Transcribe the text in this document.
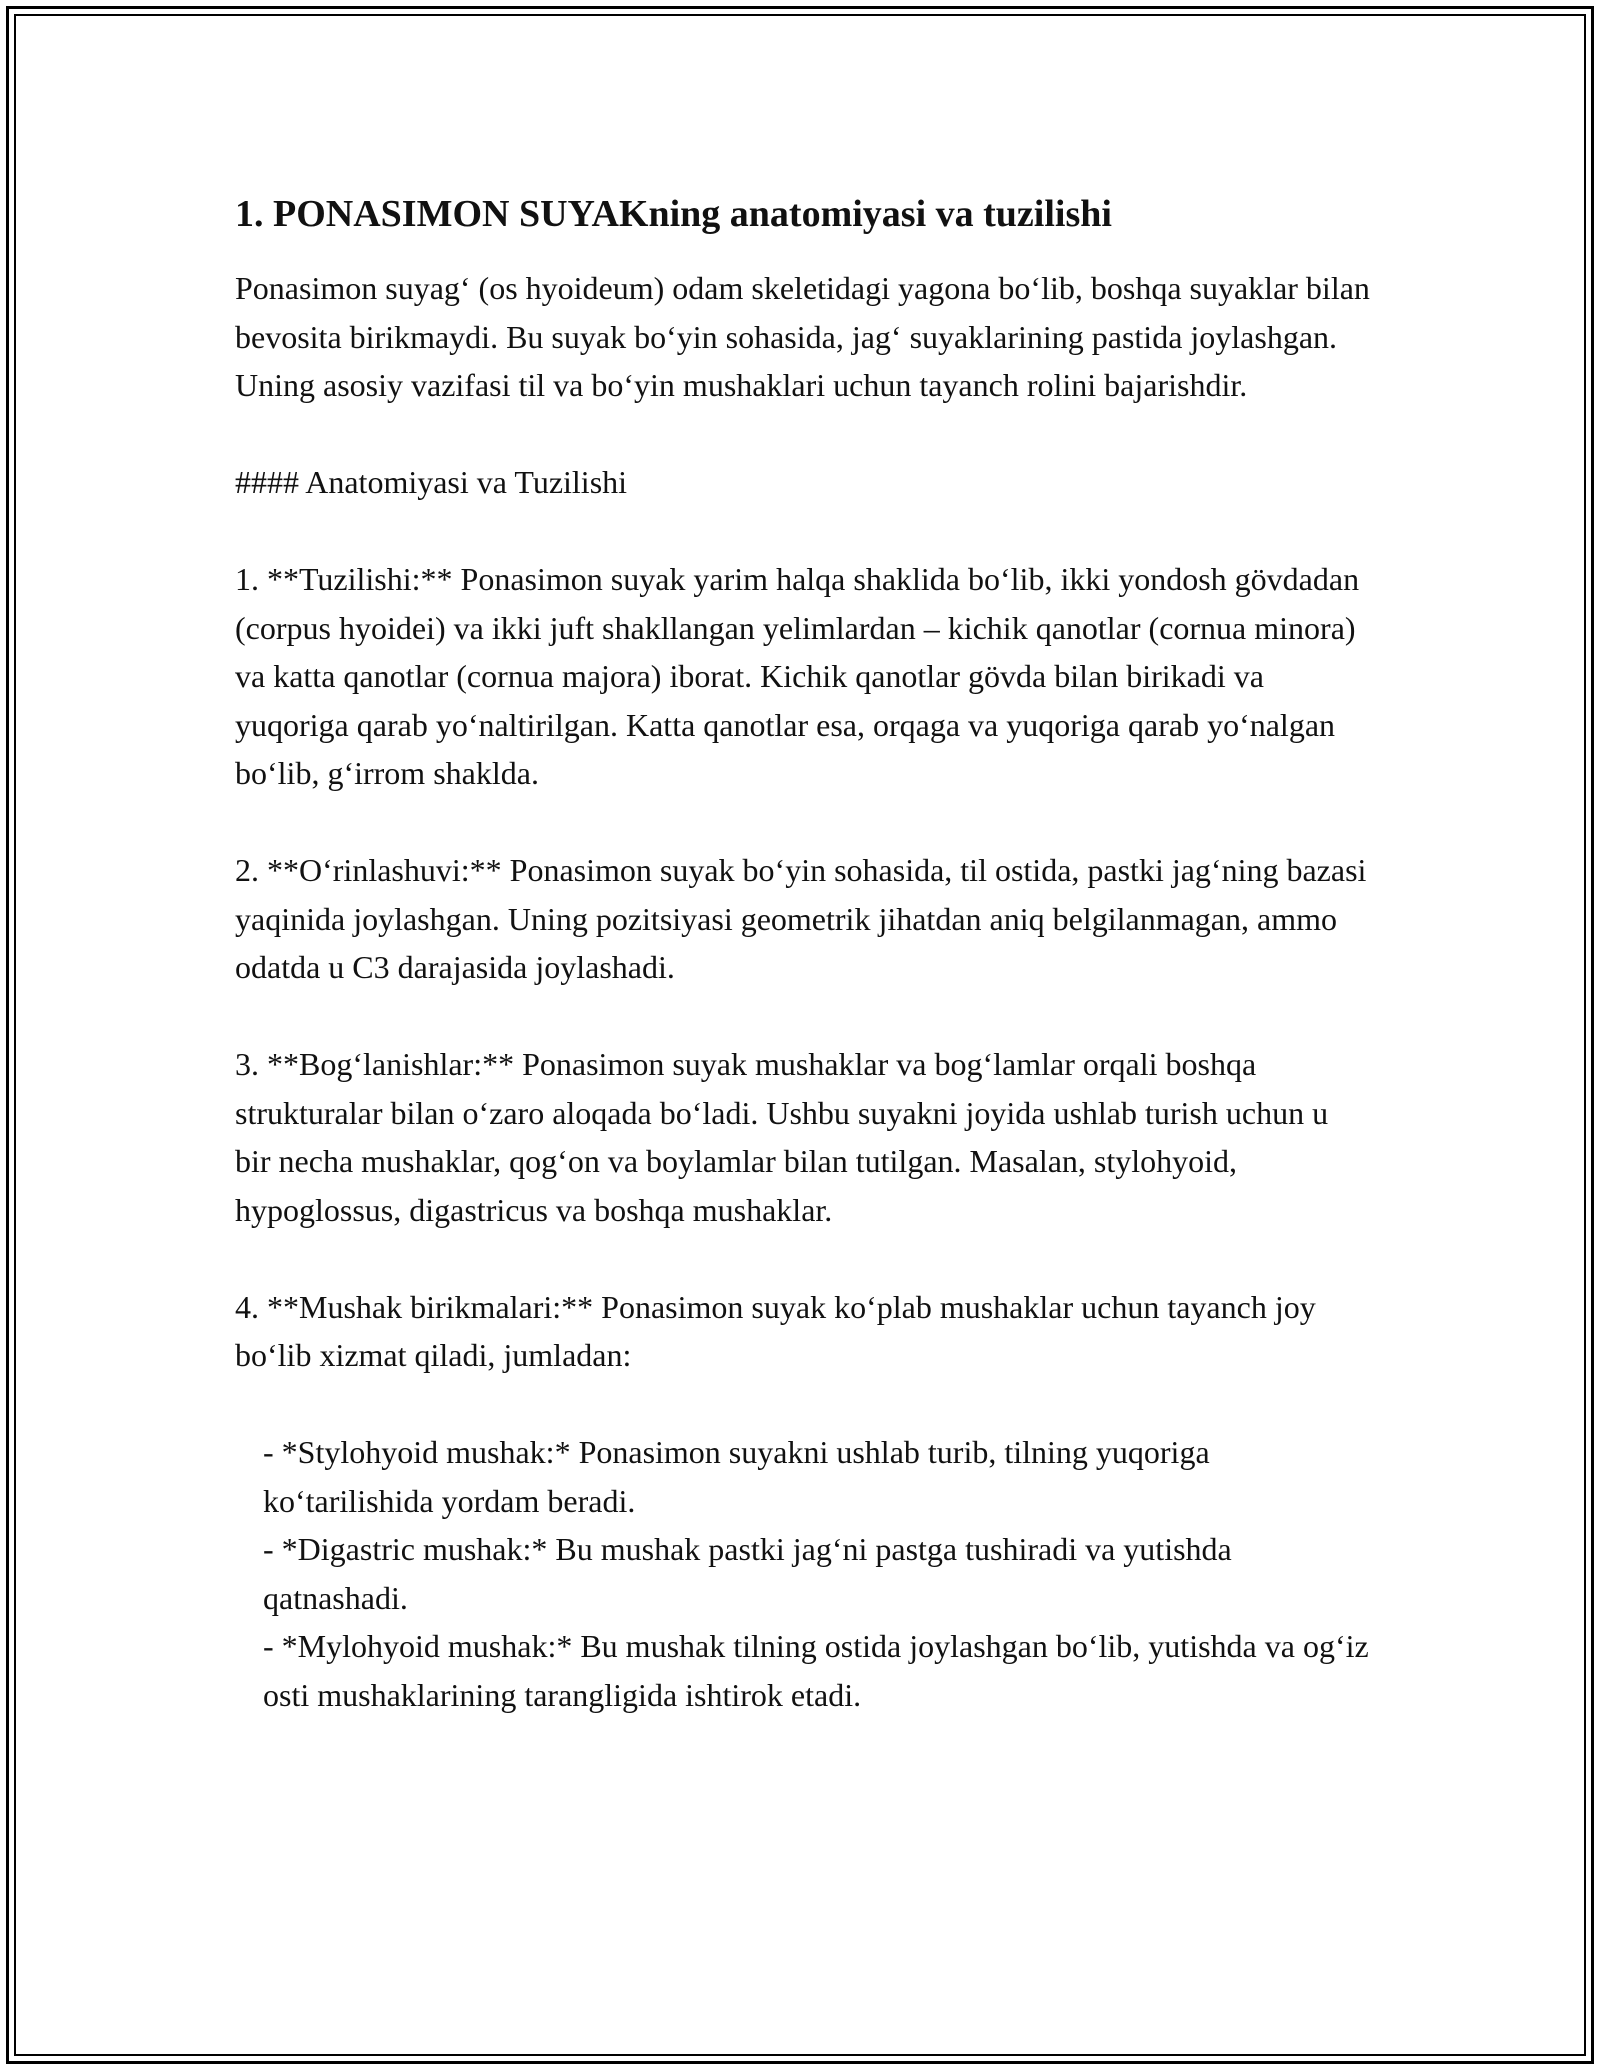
1. PONASIMON SUYAKning anatomiyasi va tuzilishi

Ponasimon suyag‘ (os hyoideum) odam skeletidagi yagona bo‘lib, boshqa suyaklar bilan bevosita birikmaydi. Bu suyak bo‘yin sohasida, jag‘ suyaklarining pastida joylashgan. Uning asosiy vazifasi til va bo‘yin mushaklari uchun tayanch rolini bajarishdir.

#### Anatomiyasi va Tuzilishi

1. **Tuzilishi:** Ponasimon suyak yarim halqa shaklida bo‘lib, ikki yondosh gövdadan (corpus hyoidei) va ikki juft shakllangan yelimlardan – kichik qanotlar (cornua minora) va katta qanotlar (cornua majora) iborat. Kichik qanotlar gövda bilan birikadi va yuqoriga qarab yo‘naltirilgan. Katta qanotlar esa, orqaga va yuqoriga qarab yo‘nalgan bo‘lib, g‘irrom shaklda.

2. **O‘rinlashuvi:** Ponasimon suyak bo‘yin sohasida, til ostida, pastki jag‘ning bazasi yaqinida joylashgan. Uning pozitsiyasi geometrik jihatdan aniq belgilanmagan, ammo odatda u C3 darajasida joylashadi.

3. **Bog‘lanishlar:** Ponasimon suyak mushaklar va bog‘lamlar orqali boshqa strukturalar bilan o‘zaro aloqada bo‘ladi. Ushbu suyakni joyida ushlab turish uchun u bir necha mushaklar, qog‘on va boylamlar bilan tutilgan. Masalan, stylohyoid, hypoglossus, digastricus va boshqa mushaklar.

4. **Mushak birikmalari:** Ponasimon suyak ko‘plab mushaklar uchun tayanch joy bo‘lib xizmat qiladi, jumladan:

- *Stylohyoid mushak:* Ponasimon suyakni ushlab turib, tilning yuqoriga ko‘tarilishida yordam beradi.

- *Digastric mushak:* Bu mushak pastki jag‘ni pastga tushiradi va yutishda qatnashadi.

- *Mylohyoid mushak:* Bu mushak tilning ostida joylashgan bo‘lib, yutishda va og‘iz osti mushaklarining tarangligida ishtirok etadi.
